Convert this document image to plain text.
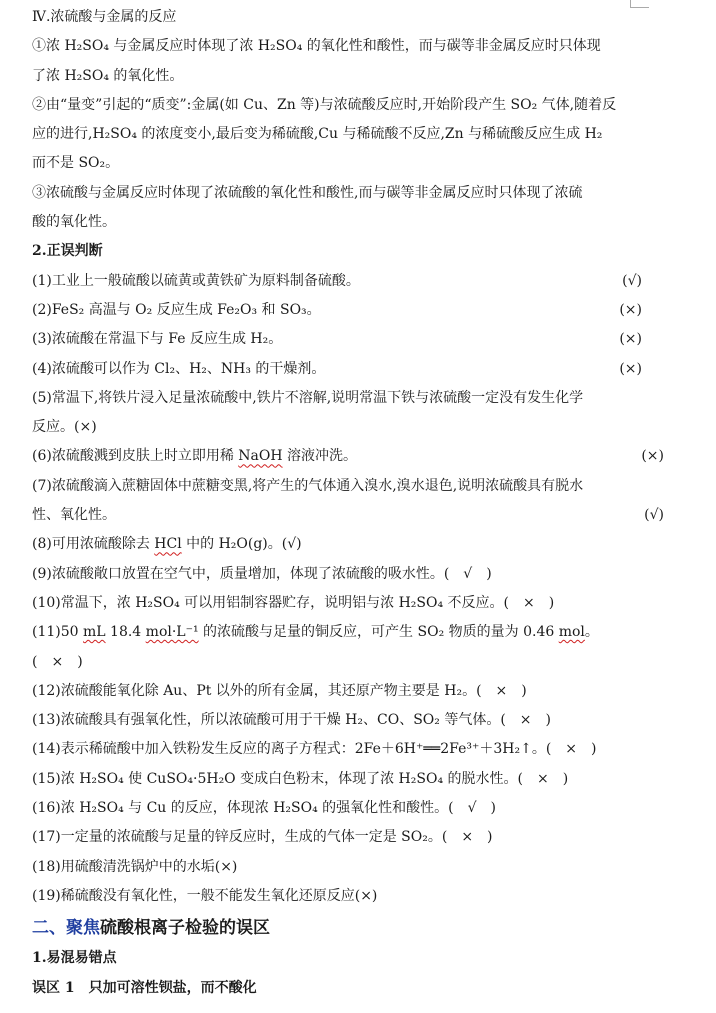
Ⅳ.浓硫酸与金属的反应
①浓 H₂SO₄ 与金属反应时体现了浓 H₂SO₄ 的氧化性和酸性，而与碳等非金属反应时只体现
了浓 H₂SO₄ 的氧化性。
②由“量变”引起的“质变”:金属(如 Cu、Zn 等)与浓硫酸反应时,开始阶段产生 SO₂ 气体,随着反
应的进行,H₂SO₄ 的浓度变小,最后变为稀硫酸,Cu 与稀硫酸不反应,Zn 与稀硫酸反应生成 H₂
而不是 SO₂。
③浓硫酸与金属反应时体现了浓硫酸的氧化性和酸性,而与碳等非金属反应时只体现了浓硫
酸的氧化性。
2.正误判断
(1)工业上一般硫酸以硫黄或黄铁矿为原料制备硫酸。	(√)
(2)FeS₂ 高温与 O₂ 反应生成 Fe₂O₃ 和 SO₃。	(×)
(3)浓硫酸在常温下与 Fe 反应生成 H₂。	(×)
(4)浓硫酸可以作为 Cl₂、H₂、NH₃ 的干燥剂。	(×)
(5)常温下,将铁片浸入足量浓硫酸中,铁片不溶解,说明常温下铁与浓硫酸一定没有发生化学
反应。(×)
(6)浓硫酸溅到皮肤上时立即用稀 NaOH 溶液冲洗。	(×)
(7)浓硫酸滴入蔗糖固体中蔗糖变黑,将产生的气体通入溴水,溴水退色,说明浓硫酸具有脱水
性、氧化性。	(√)
(8)可用浓硫酸除去 HCl 中的 H₂O(g)。(√)
(9)浓硫酸敞口放置在空气中，质量增加，体现了浓硫酸的吸水性。(　√　)
(10)常温下，浓 H₂SO₄ 可以用铝制容器贮存，说明铝与浓 H₂SO₄ 不反应。(　×　)
(11)50 mL 18.4 mol·L⁻¹ 的浓硫酸与足量的铜反应，可产生 SO₂ 物质的量为 0.46 mol。
(　×　)
(12)浓硫酸能氧化除 Au、Pt 以外的所有金属，其还原产物主要是 H₂。(　×　)
(13)浓硫酸具有强氧化性，所以浓硫酸可用于干燥 H₂、CO、SO₂ 等气体。(　×　)
(14)表示稀硫酸中加入铁粉发生反应的离子方程式：2Fe＋6H⁺══2Fe³⁺＋3H₂↑。(　×　)
(15)浓 H₂SO₄ 使 CuSO₄·5H₂O 变成白色粉末，体现了浓 H₂SO₄ 的脱水性。(　×　)
(16)浓 H₂SO₄ 与 Cu 的反应，体现浓 H₂SO₄ 的强氧化性和酸性。(　√　)
(17)一定量的浓硫酸与足量的锌反应时，生成的气体一定是 SO₂。(　×　)
(18)用硫酸清洗锅炉中的水垢(×)
(19)稀硫酸没有氧化性，一般不能发生氧化还原反应(×)
二、聚焦硫酸根离子检验的误区
1.易混易错点
误区 1　只加可溶性钡盐，而不酸化
